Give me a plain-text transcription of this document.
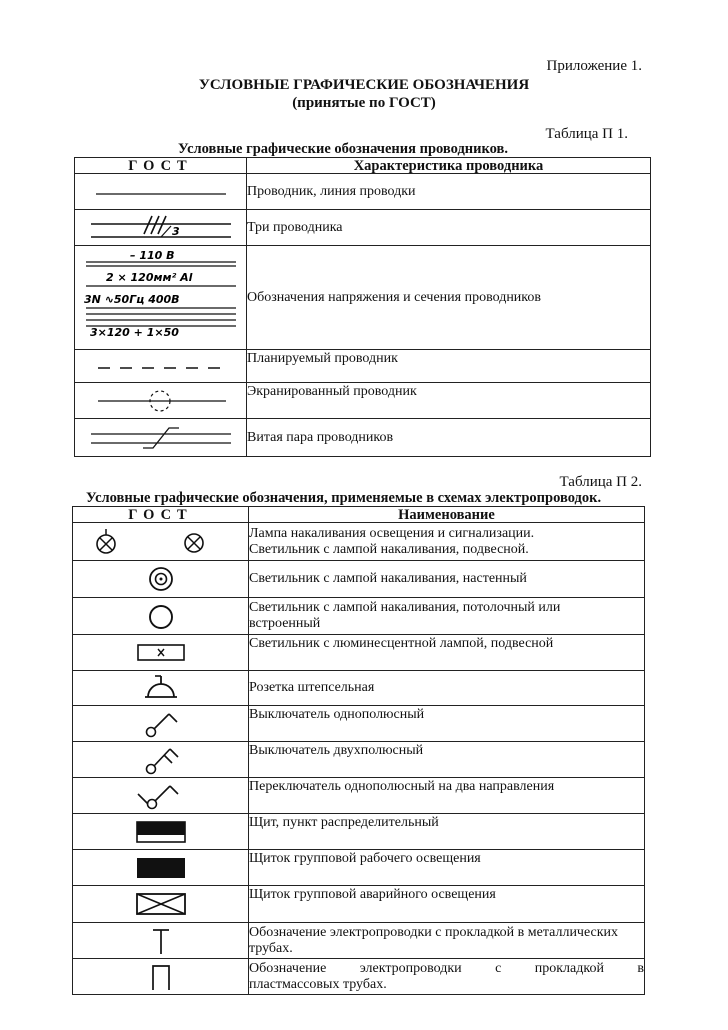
Приложение 1.
УСЛОВНЫЕ ГРАФИЧЕСКИЕ ОБОЗНАЧЕНИЯ
(принятые по ГОСТ)
Таблица П 1.
Условные графические обозначения проводников.
ГОСТ	Характеристика проводника

	Проводник, линия проводки

3	Три проводника

– 110 В
2 × 120мм² Al
3N ∿50Гц 400В
3×120 + 1×50	Обозначения напряжения и сечения проводников

	Планируемый проводник

	Экранированный проводник

	Витая пара проводников
Таблица П 2.
Условные графические обозначения, применяемые в схемах электропроводок.
ГОСТ	Наименование

Лампа накаливания освещения и сигнализации.
Светильник с лампой накаливания, подвесной.

	Светильник с лампой накаливания, настенный

Светильник с лампой накаливания, потолочный или
встроенный

	Светильник с люминесцентной лампой, подвесной

	Розетка штепсельная

	Выключатель однополюсный

	Выключатель двухполюсный

	Переключатель однополюсный на два направления

	Щит, пункт распределительный

	Щиток групповой рабочего освещения

	Щиток групповой аварийного освещения

Обозначение электропроводки с прокладкой в металлических
трубах.

Обозначение электропроводки с прокладкой в
пластмассовых трубах.
